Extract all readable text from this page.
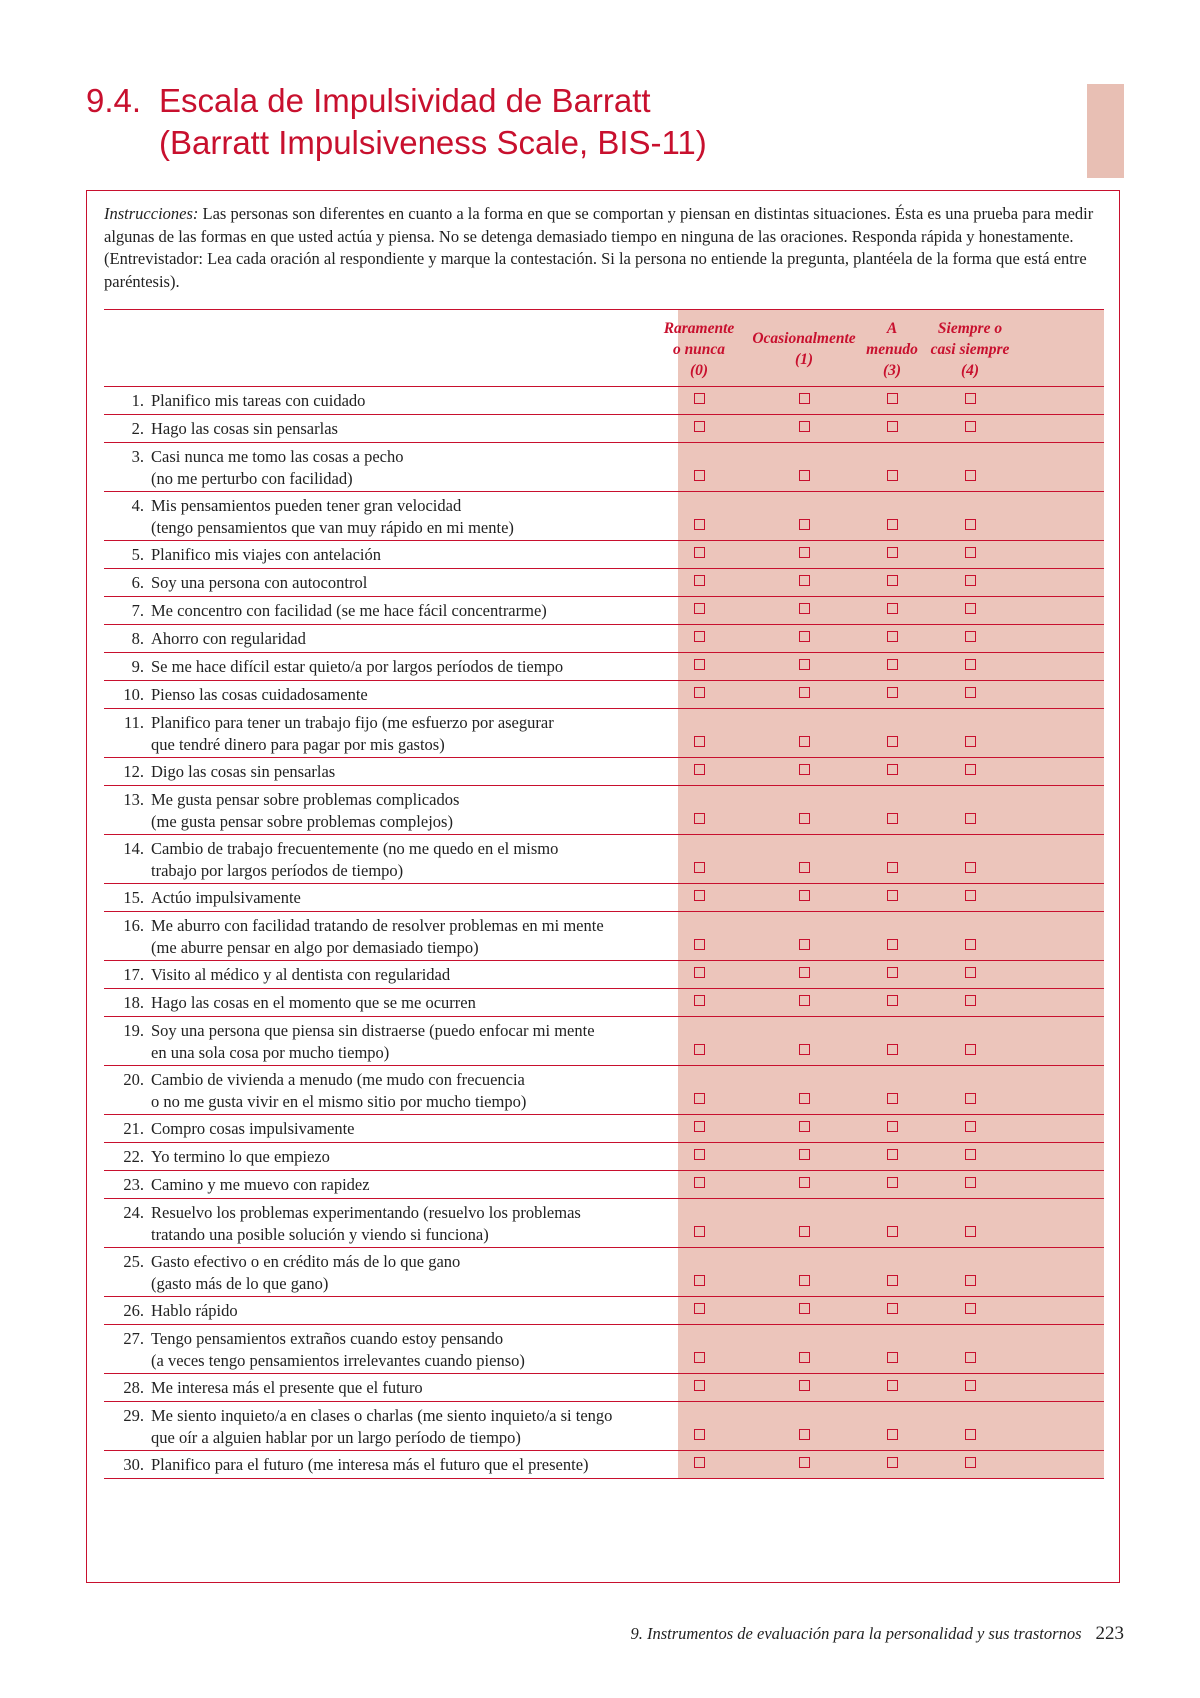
9.4. Escala de Impulsividad de Barratt
(Barratt Impulsiveness Scale, BIS-11)
Instrucciones: Las personas son diferentes en cuanto a la forma en que se comportan y piensan en distintas situaciones. Ésta es una prueba para medir algunas de las formas en que usted actúa y piensa. No se detenga demasiado tiempo en ninguna de las oraciones. Responda rápida y honestamente. (Entrevistador: Lea cada oración al respondiente y marque la contestación. Si la persona no entiende la pregunta, plantéela de la forma que está entre paréntesis).
Raramente
o nunca
(0)
Ocasionalmente
(1)
A
menudo
(3)
Siempre o
casi siempre
(4)
1. Planifico mis tareas con cuidado
2. Hago las cosas sin pensarlas
3. Casi nunca me tomo las cosas a pecho
(no me perturbo con facilidad)
4. Mis pensamientos pueden tener gran velocidad
(tengo pensamientos que van muy rápido en mi mente)
5. Planifico mis viajes con antelación
6. Soy una persona con autocontrol
7. Me concentro con facilidad (se me hace fácil concentrarme)
8. Ahorro con regularidad
9. Se me hace difícil estar quieto/a por largos períodos de tiempo
10. Pienso las cosas cuidadosamente
11. Planifico para tener un trabajo fijo (me esfuerzo por asegurar
que tendré dinero para pagar por mis gastos)
12. Digo las cosas sin pensarlas
13. Me gusta pensar sobre problemas complicados
(me gusta pensar sobre problemas complejos)
14. Cambio de trabajo frecuentemente (no me quedo en el mismo
trabajo por largos períodos de tiempo)
15. Actúo impulsivamente
16. Me aburro con facilidad tratando de resolver problemas en mi mente
(me aburre pensar en algo por demasiado tiempo)
17. Visito al médico y al dentista con regularidad
18. Hago las cosas en el momento que se me ocurren
19. Soy una persona que piensa sin distraerse (puedo enfocar mi mente
en una sola cosa por mucho tiempo)
20. Cambio de vivienda a menudo (me mudo con frecuencia
o no me gusta vivir en el mismo sitio por mucho tiempo)
21. Compro cosas impulsivamente
22. Yo termino lo que empiezo
23. Camino y me muevo con rapidez
24. Resuelvo los problemas experimentando (resuelvo los problemas
tratando una posible solución y viendo si funciona)
25. Gasto efectivo o en crédito más de lo que gano
(gasto más de lo que gano)
26. Hablo rápido
27. Tengo pensamientos extraños cuando estoy pensando
(a veces tengo pensamientos irrelevantes cuando pienso)
28. Me interesa más el presente que el futuro
29. Me siento inquieto/a en clases o charlas (me siento inquieto/a si tengo
que oír a alguien hablar por un largo período de tiempo)
30. Planifico para el futuro (me interesa más el futuro que el presente)
9. Instrumentos de evaluación para la personalidad y sus trastornos 223
